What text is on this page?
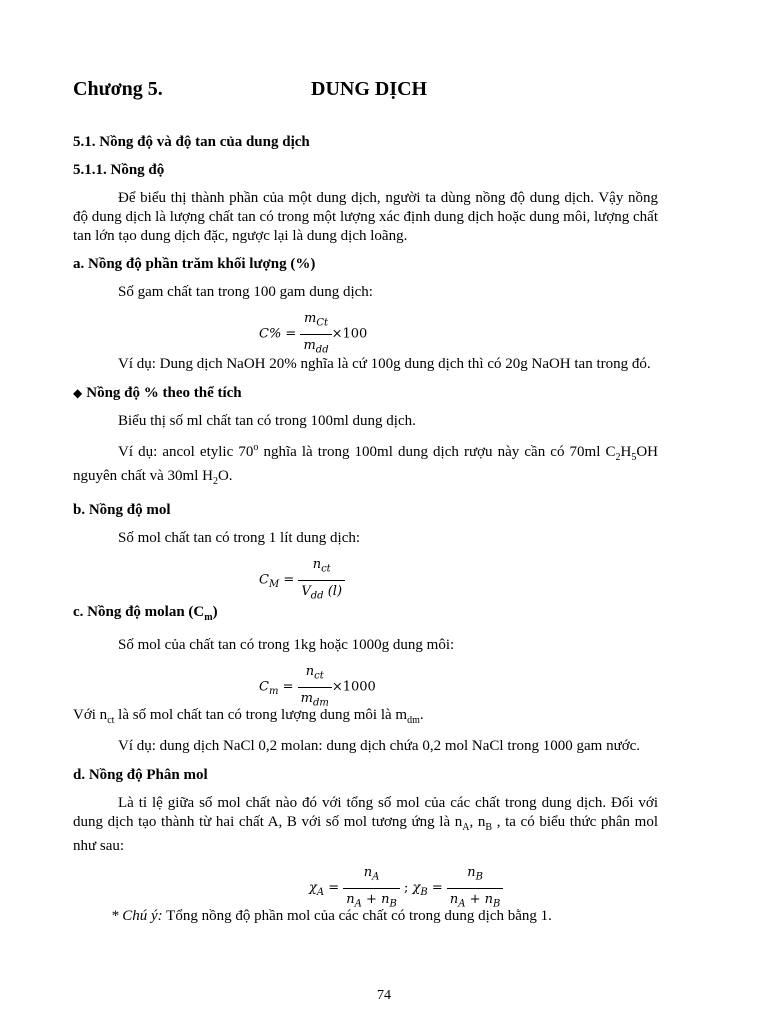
Chương 5.	DUNG DỊCH

5.1. Nồng độ và độ tan của dung dịch

5.1.1. Nồng độ

Để biểu thị thành phần của một dung dịch, người ta dùng nồng độ dung dịch. Vậy nồng độ dung dịch là lượng chất tan có trong một lượng xác định dung dịch hoặc dung môi, lượng chất tan lớn tạo dung dịch đặc, ngược lại là dung dịch loãng.

a. Nồng độ phần trăm khối lượng (%)

Số gam chất tan trong 100 gam dung dịch:

$C\% = \frac{m_{Ct}}{m_{dd}} \times 100$

Ví dụ: Dung dịch NaOH 20% nghĩa là cứ 100g dung dịch thì có 20g NaOH tan trong đó.

◆ Nồng độ % theo thể tích

Biểu thị số ml chất tan có trong 100ml dung dịch.

Ví dụ: ancol etylic 70$^o$ nghĩa là trong 100ml dung dịch rượu này cần có 70ml $C_2H_5OH$ nguyên chất và 30ml $H_2O$.

b. Nồng độ mol

Số mol chất tan có trong 1 lít dung dịch:

$C_M = \frac{n_{ct}}{V_{dd} (l)}$

c. Nồng độ molan $(C_m)$

Số mol của chất tan có trong 1kg hoặc 1000g dung môi:

$C_m = \frac{n_{ct}}{m_{dm}} \times 1000$

Với $n_{ct}$ là số mol chất tan có trong lượng dung môi là $m_{dm}$.

Ví dụ: dung dịch NaCl 0,2 molan: dung dịch chứa 0,2 mol NaCl trong 1000 gam nước.

d. Nồng độ Phân mol

Là tỉ lệ giữa số mol chất nào đó với tổng số mol của các chất trong dung dịch. Đối với dung dịch tạo thành từ hai chất A, B với số mol tương ứng là $n_A$, $n_B$ , ta có biểu thức phân mol như sau:

$\chi_A = \frac{n_A}{n_A + n_B}$ ; $\chi_B = \frac{n_B}{n_A + n_B}$

* Chú ý: Tổng nồng độ phần mol của các chất có trong dung dịch bằng 1.

74
